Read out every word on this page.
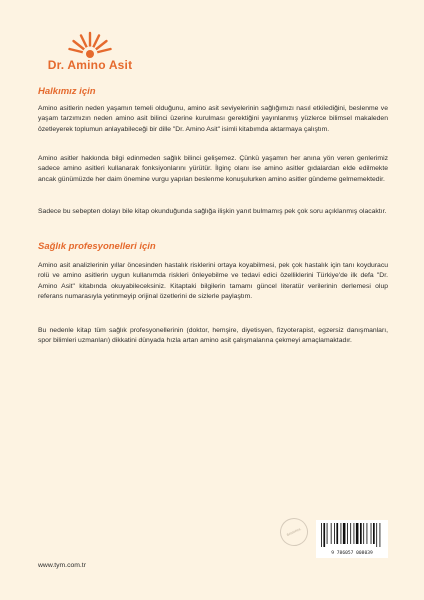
Dr. Amino Asit
Halkımız için

Amino asitlerin neden yaşamın temeli olduğunu, amino asit seviyelerinin sağlığımızı nasıl etkilediğini, beslenme ve yaşam tarzımızın neden amino asit bilinci üzerine kurulması gerektiğini yayınlanmış yüzlerce bilimsel makaleden özetleyerek toplumun anlayabileceği bir dille "Dr. Amino Asit" isimli kitabımda aktarmaya çalıştım.

Amino asitler hakkında bilgi edinmeden sağlık bilinci gelişemez. Çünkü yaşamın her anına yön veren genlerimiz sadece amino asitleri kullanarak fonksiyonlarını yürütür. İlginç olanı ise amino asitler gıdalardan elde edilmekte ancak günümüzde her daim önemine vurgu yapılan beslenme konuşulurken amino asitler gündeme gelmemektedir.

Sadece bu sebepten dolayı bile kitap okunduğunda sağlığa ilişkin yanıt bulmamış pek çok soru açıklanmış olacaktır.

Sağlık profesyonelleri için

Amino asit analizlerinin yıllar öncesinden hastalık risklerini ortaya koyabilmesi, pek çok hastalık için tanı koyduracu rolü ve amino asitlerin uygun kullanımda riskleri önleyebilme ve tedavi edici özelliklerini Türkiye'de ilk defa "Dr. Amino Asit" kitabında okuyabileceksiniz. Kitaptaki bilgilerin tamamı güncel literatür verilerinin derlemesi olup referans numarasıyla yetinmeyip orijinal özetlerini de sizlerle paylaştım.

Bu nedenle kitap tüm sağlık profesyonellerinin (doktor, hemşire, diyetisyen, fizyoterapist, egzersiz danışmanları, spor bilimleri uzmanları) dikkatini dünyada hızla artan amino asit çalışmalarına çekmeyi amaçlamaktadır.

BANDROL
9 786057 008039
www.tym.com.tr
